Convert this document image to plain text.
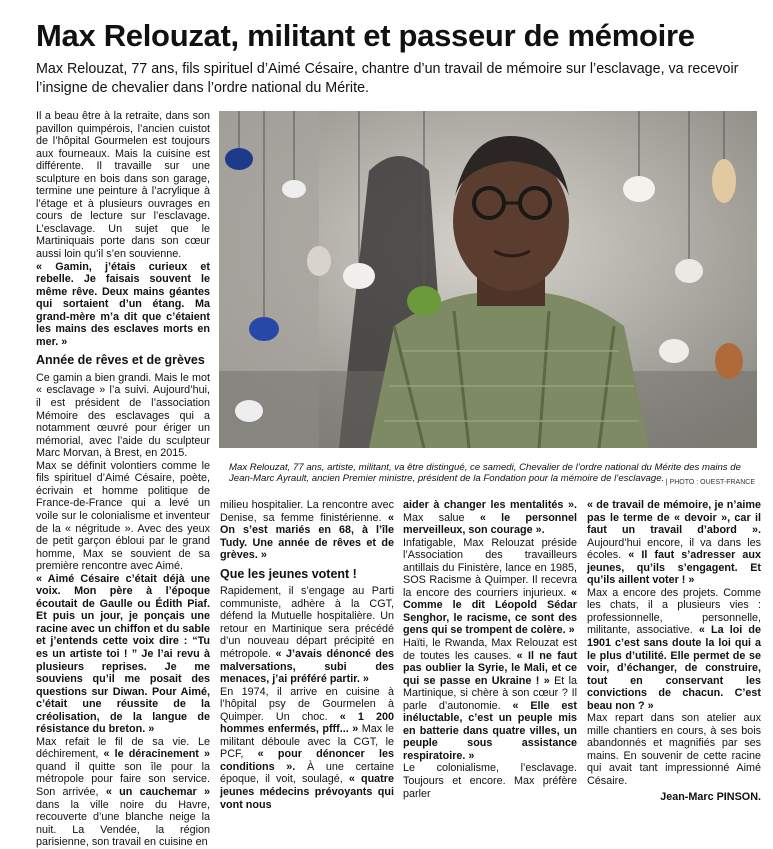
Max Relouzat, militant et passeur de mémoire

Max Relouzat, 77 ans, fils spirituel d’Aimé Césaire, chantre d’un travail de mémoire sur l’esclavage, va recevoir l’insigne de chevalier dans l’ordre national du Mérite.

Il a beau être à la retraite, dans son pavillon quimpérois, l’ancien cuistot de l’hôpital Gourmelen est toujours aux fourneaux. Mais la cuisine est différente. Il travaille sur une sculpture en bois dans son garage, termine une peinture à l’acrylique à l’étage et à plusieurs ouvrages en cours de lecture sur l’esclavage. L’esclavage. Un sujet que le Martiniquais porte dans son cœur aussi loin qu’il s’en souvienne.

« Gamin, j’étais curieux et rebelle. Je faisais souvent le même rêve. Deux mains géantes qui sortaient d’un étang. Ma grand-mère m’a dit que c’étaient les mains des esclaves morts en mer. »

Année de rêves et de grèves

Ce gamin a bien grandi. Mais le mot « esclavage » l’a suivi. Aujourd’hui, il est président de l’association Mémoire des esclavages qui a notamment œuvré pour ériger un mémorial, avec l’aide du sculpteur Marc Morvan, à Brest, en 2015.

Max se définit volontiers comme le fils spirituel d’Aimé Césaire, poète, écrivain et homme politique de France-de-France qui a levé un voile sur le colonialisme et inventeur de la « négritude ». Avec des yeux de petit garçon ébloui par le grand homme, Max se souvient de sa première rencontre avec Aimé.

« Aimé Césaire c’était déjà une voix. Mon père à l’époque écoutait de Gaulle ou Édith Piaf. Et puis un jour, je ponçais une racine avec un chiffon et du sable et j’entends cette voix dire : “Tu es un artiste toi ! ” Je l’ai revu à plusieurs reprises. Je me souviens qu’il me posait des questions sur Diwan. Pour Aimé, c’était une réussite de la créolisation, de la langue de résistance du breton. »

Max refait le fil de sa vie. Le déchirement, « le déracinement » quand il quitte son île pour la métropole pour faire son service. Son arrivée, « un cauchemar » dans la ville noire du Havre, recouverte d’une blanche neige la nuit. La Vendée, la région parisienne, son travail en cuisine en

Max Relouzat, 77 ans, artiste, militant, va être distingué, ce samedi, Chevalier de l’ordre national du Mérite des mains de Jean-Marc Ayrault, ancien Premier ministre, président de la Fondation pour la mémoire de l’esclavage. | PHOTO : OUEST-FRANCE

milieu hospitalier. La rencontre avec Denise, sa femme finistérienne. « On s’est mariés en 68, à l’île Tudy. Une année de rêves et de grèves. »

Que les jeunes votent !

Rapidement, il s’engage au Parti communiste, adhère à la CGT, défend la Mutuelle hospitalière. Un retour en Martinique sera précédé d’un nouveau départ précipité en métropole. « J’avais dénoncé des malversations, subi des menaces, j’ai préféré partir. »

En 1974, il arrive en cuisine à l’hôpital psy de Gourmelen à Quimper. Un choc. « 1 200 hommes enfermés, pfff... » Max le militant déboule avec la CGT, le PCF, « pour dénoncer les conditions ». À une certaine époque, il voit, soulagé, « quatre jeunes médecins prévoyants qui vont nous

aider à changer les mentalités ». Max salue « le personnel merveilleux, son courage ».

Infatigable, Max Relouzat préside l’Association des travailleurs antillais du Finistère, lance en 1985, SOS Racisme à Quimper. Il recevra la encore des courriers injurieux. « Comme le dit Léopold Sédar Senghor, le racisme, ce sont des gens qui se trompent de colère. »

Haïti, le Rwanda, Max Relouzat est de toutes les causes. « Il ne faut pas oublier la Syrie, le Mali, et ce qui se passe en Ukraine ! » Et la Martinique, si chère à son cœur ? Il parle d’autonomie. « Elle est inéluctable, c’est un peuple mis en batterie dans quatre villes, un peuple sous assistance respiratoire. »

Le colonialisme, l’esclavage. Toujours et encore. Max préfère parler

« de travail de mémoire, je n’aime pas le terme de « devoir », car il faut un travail d’abord ». Aujourd’hui encore, il va dans les écoles. « Il faut s’adresser aux jeunes, qu’ils s’engagent. Et qu’ils aillent voter ! »

Max a encore des projets. Comme les chats, il a plusieurs vies : professionnelle, personnelle, militante, associative. « La loi de 1901 c’est sans doute la loi qui a le plus d’utilité. Elle permet de se voir, d’échanger, de construire, tout en conservant les convictions de chacun. C’est beau non ? »

Max repart dans son atelier aux mille chantiers en cours, à ses bois abandonnés et magnifiés par ses mains. En souvenir de cette racine qui avait tant impressionné Aimé Césaire.

Jean-Marc PINSON.
